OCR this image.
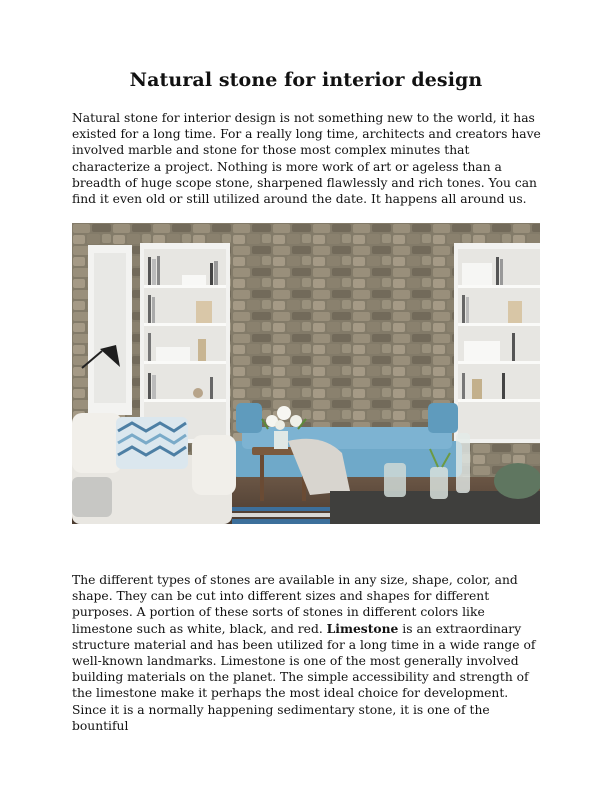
Natural stone for interior design

Natural stone for interior design is not something new to the world, it has existed for a long time. For a really long time, architects and creators have involved marble and stone for those most complex minutes that characterize a project. Nothing is more work of art or ageless than a breadth of huge scope stone, sharpened flawlessly and rich tones. You can find it even old or still utilized around the date. It happens all around us.

The different types of stones are available in any size, shape, color, and shape. They can be cut into different sizes and shapes for different purposes. A portion of these sorts of stones in different colors like limestone such as white, black, and red. Limestone is an extraordinary structure material and has been utilized for a long time in a wide range of well-known landmarks. Limestone is one of the most generally involved building materials on the planet. The simple accessibility and strength of the limestone make it perhaps the most ideal choice for development. Since it is a normally happening sedimentary stone, it is one of the bountiful
